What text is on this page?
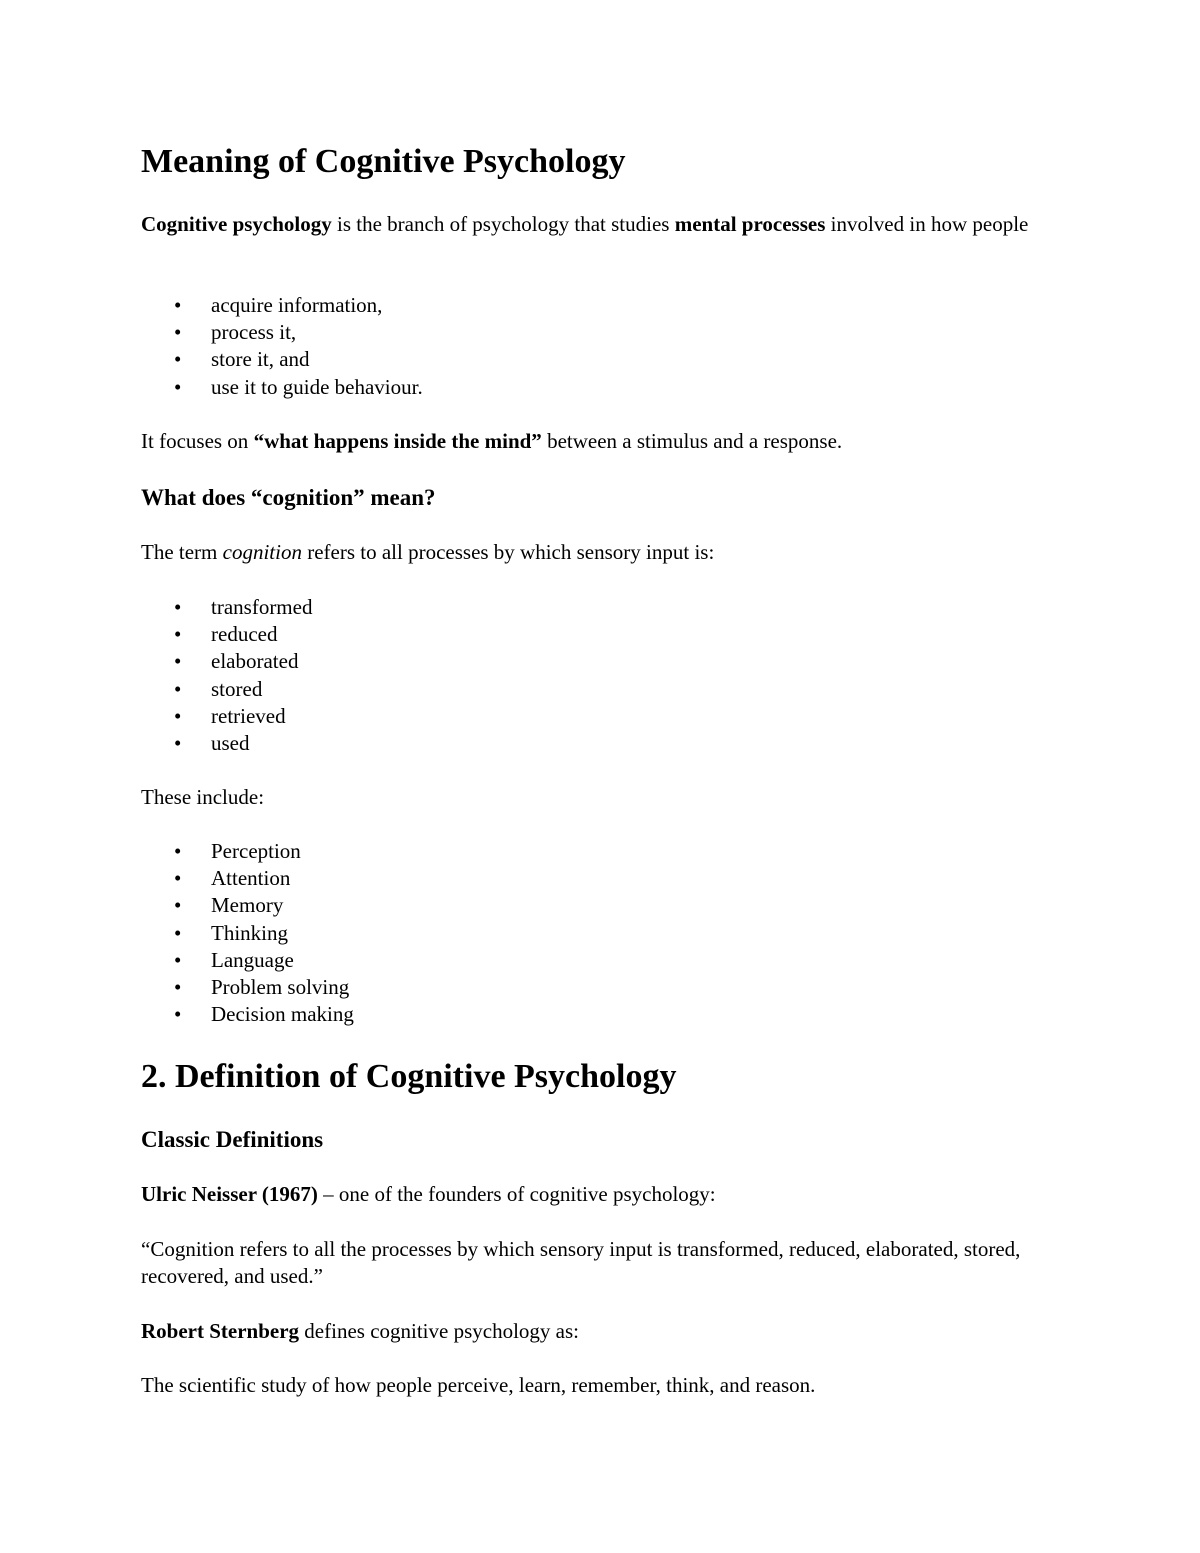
Meaning of Cognitive Psychology

Cognitive psychology is the branch of psychology that studies mental processes involved in how people

• acquire information,
• process it,
• store it, and
• use it to guide behaviour.

It focuses on “what happens inside the mind” between a stimulus and a response.

What does “cognition” mean?

The term cognition refers to all processes by which sensory input is:

• transformed
• reduced
• elaborated
• stored
• retrieved
• used

These include:

• Perception
• Attention
• Memory
• Thinking
• Language
• Problem solving
• Decision making
2. Definition of Cognitive Psychology
Classic Definitions

Ulric Neisser (1967) – one of the founders of cognitive psychology:

“Cognition refers to all the processes by which sensory input is transformed, reduced, elaborated, stored, recovered, and used.”

Robert Sternberg defines cognitive psychology as:

The scientific study of how people perceive, learn, remember, think, and reason.
